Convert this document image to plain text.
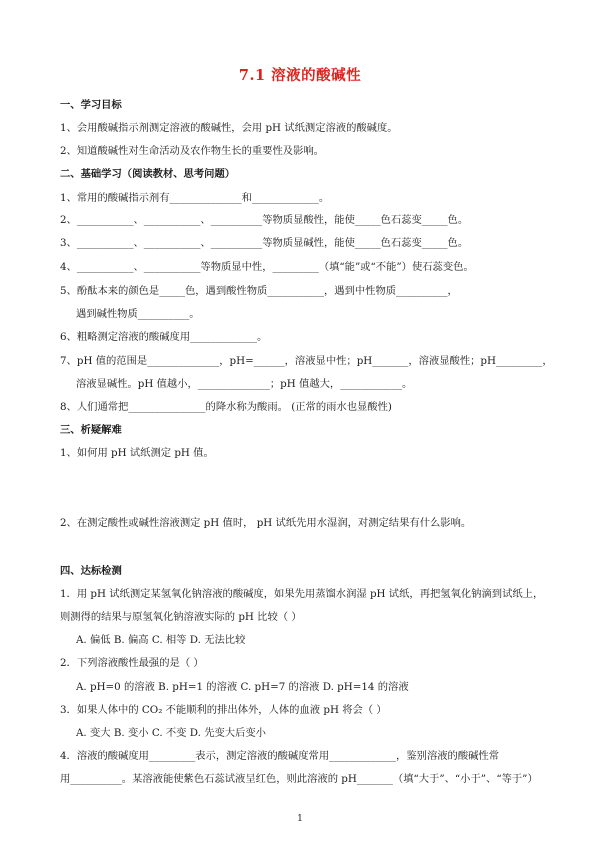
7.1 溶液的酸碱性
一、学习目标
1、会用酸碱指示剂测定溶液的酸碱性，会用 pH 试纸测定溶液的酸碱度。
2、知道酸碱性对生命活动及农作物生长的重要性及影响。
二、基础学习（阅读教材、思考问题）
1、常用的酸碱指示剂有______________和_____________。
2、___________、___________、__________等物质显酸性，能使_____色石蕊变_____色。
3、___________、___________、__________等物质显碱性，能使_____色石蕊变_____色。
4、___________、___________等物质显中性，_________（填“能”或“不能”）使石蕊变色。
5、酚酞本来的颜色是_____色，遇到酸性物质___________，遇到中性物质__________，
遇到碱性物质__________。
6、粗略测定溶液的酸碱度用_____________。
7、pH 值的范围是______________，pH=______，溶液显中性；pH_______，溶液显酸性；pH_________，
溶液显碱性。pH 值越小，______________；pH 值越大，____________。
8、人们通常把_______________的降水称为酸雨。 (正常的雨水也显酸性)
三、析疑解难
1、如何用 pH 试纸测定 pH 值。
2、在测定酸性或碱性溶液测定 pH 值时， pH 试纸先用水湿润，对测定结果有什么影响。
四、达标检测
1．用 pH 试纸测定某氢氧化钠溶液的酸碱度，如果先用蒸馏水润湿 pH 试纸，再把氢氧化钠滴到试纸上，
则测得的结果与原氢氧化钠溶液实际的 pH 比较（ ）
A. 偏低 B. 偏高 C. 相等 D. 无法比较
2．下列溶液酸性最强的是（ ）
A. pH=0 的溶液 B. pH=1 的溶液 C. pH=7 的溶液 D. pH=14 的溶液
3．如果人体中的 CO₂ 不能顺利的排出体外，人体的血液 pH 将会（ ）
A. 变大 B. 变小 C. 不变 D. 先变大后变小
4．溶液的酸碱度用_________表示，测定溶液的酸碱度常用_____________，鉴别溶液的酸碱性常
用__________。某溶液能使紫色石蕊试液呈红色，则此溶液的 pH_______（填“大于”、“小于”、“等于”）
1
